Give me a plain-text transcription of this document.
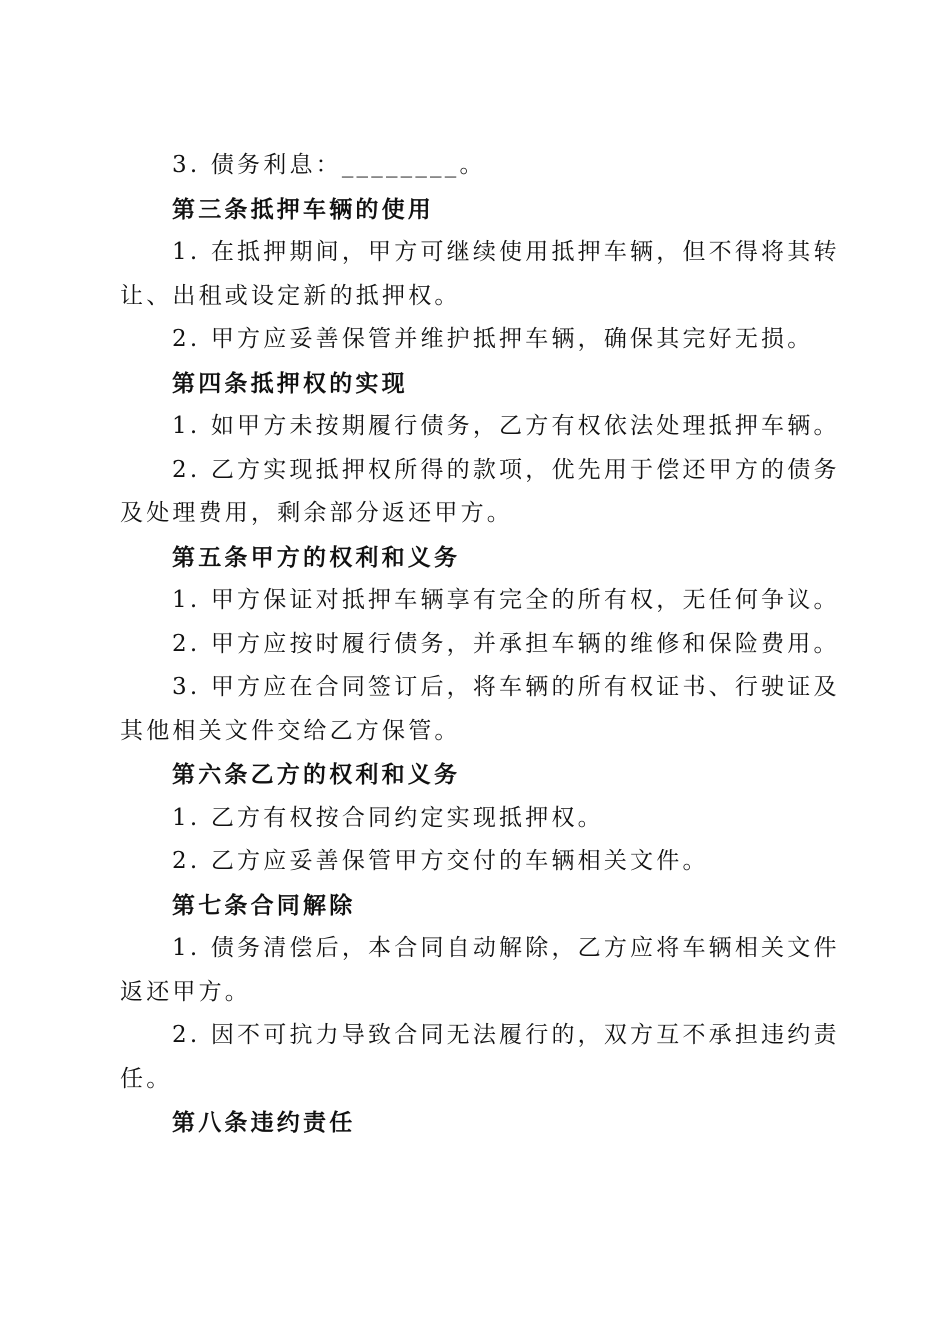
3. 债务利息：________。

第三条抵押车辆的使用

1. 在抵押期间，甲方可继续使用抵押车辆，但不得将其转

让、出租或设定新的抵押权。

2. 甲方应妥善保管并维护抵押车辆，确保其完好无损。

第四条抵押权的实现

1. 如甲方未按期履行债务，乙方有权依法处理抵押车辆。

2. 乙方实现抵押权所得的款项，优先用于偿还甲方的债务

及处理费用，剩余部分返还甲方。

第五条甲方的权利和义务

1. 甲方保证对抵押车辆享有完全的所有权，无任何争议。

2. 甲方应按时履行债务，并承担车辆的维修和保险费用。

3. 甲方应在合同签订后，将车辆的所有权证书、行驶证及

其他相关文件交给乙方保管。

第六条乙方的权利和义务

1. 乙方有权按合同约定实现抵押权。

2. 乙方应妥善保管甲方交付的车辆相关文件。

第七条合同解除

1. 债务清偿后，本合同自动解除，乙方应将车辆相关文件

返还甲方。

2. 因不可抗力导致合同无法履行的，双方互不承担违约责

任。

第八条违约责任
